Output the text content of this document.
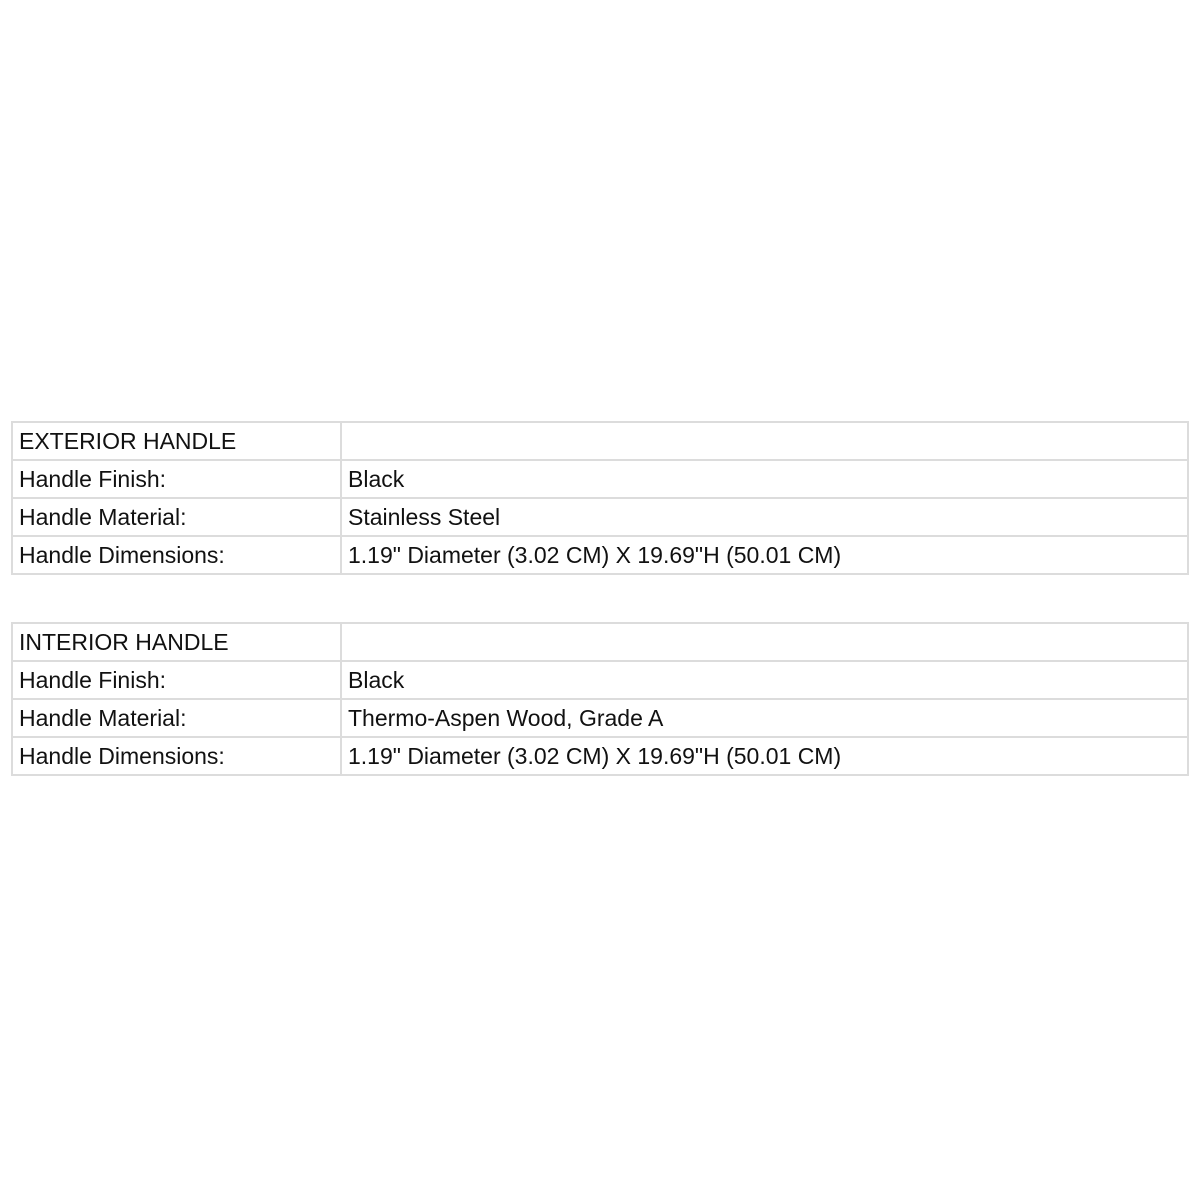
EXTERIOR HANDLE	
Handle Finish:	Black
Handle Material:	Stainless Steel
Handle Dimensions:	1.19" Diameter (3.02 CM) X 19.69"H (50.01 CM)
INTERIOR HANDLE	
Handle Finish:	Black
Handle Material:	Thermo-Aspen Wood, Grade A
Handle Dimensions:	1.19" Diameter (3.02 CM) X 19.69"H (50.01 CM)
